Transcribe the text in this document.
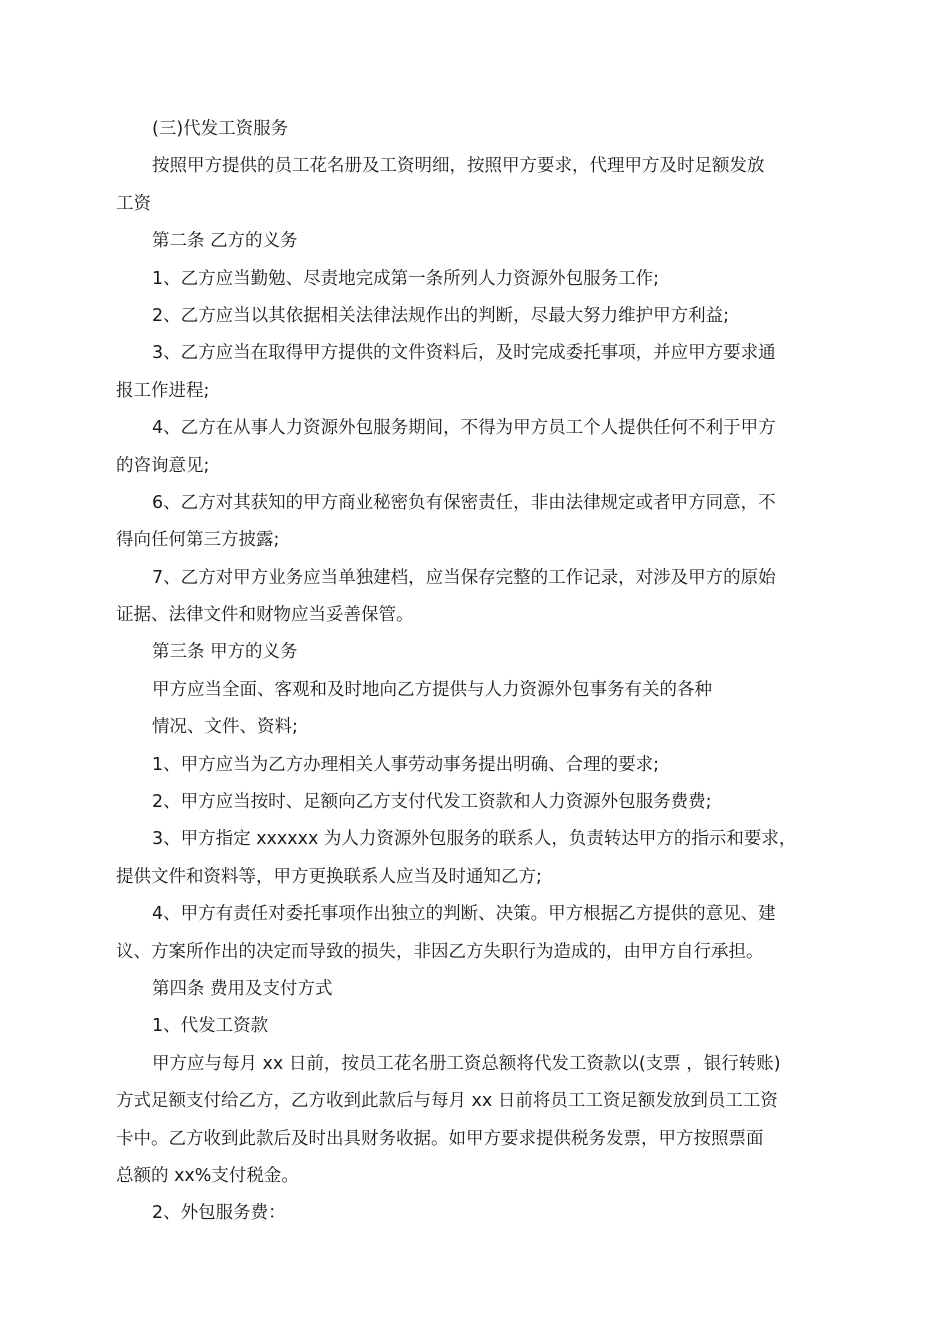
(三)代发工资服务
按照甲方提供的员工花名册及工资明细，按照甲方要求，代理甲方及时足额发放
工资
第二条 乙方的义务
1、乙方应当勤勉、尽责地完成第一条所列人力资源外包服务工作;
2、乙方应当以其依据相关法律法规作出的判断，尽最大努力维护甲方利益;
3、乙方应当在取得甲方提供的文件资料后，及时完成委托事项，并应甲方要求通
报工作进程;
4、乙方在从事人力资源外包服务期间，不得为甲方员工个人提供任何不利于甲方
的咨询意见;
6、乙方对其获知的甲方商业秘密负有保密责任，非由法律规定或者甲方同意，不
得向任何第三方披露;
7、乙方对甲方业务应当单独建档，应当保存完整的工作记录，对涉及甲方的原始
证据、法律文件和财物应当妥善保管。
第三条 甲方的义务
甲方应当全面、客观和及时地向乙方提供与人力资源外包事务有关的各种
情况、文件、资料;
1、甲方应当为乙方办理相关人事劳动事务提出明确、合理的要求;
2、甲方应当按时、足额向乙方支付代发工资款和人力资源外包服务费费;
3、甲方指定 xxxxxx 为人力资源外包服务的联系人，负责转达甲方的指示和要求，
提供文件和资料等，甲方更换联系人应当及时通知乙方;
4、甲方有责任对委托事项作出独立的判断、决策。甲方根据乙方提供的意见、建
议、方案所作出的决定而导致的损失，非因乙方失职行为造成的，由甲方自行承担。
第四条 费用及支付方式
1、代发工资款
甲方应与每月 xx 日前，按员工花名册工资总额将代发工资款以(支票 ，银行转账)
方式足额支付给乙方，乙方收到此款后与每月 xx 日前将员工工资足额发放到员工工资
卡中。乙方收到此款后及时出具财务收据。如甲方要求提供税务发票，甲方按照票面
总额的 xx%支付税金。
2、外包服务费：
